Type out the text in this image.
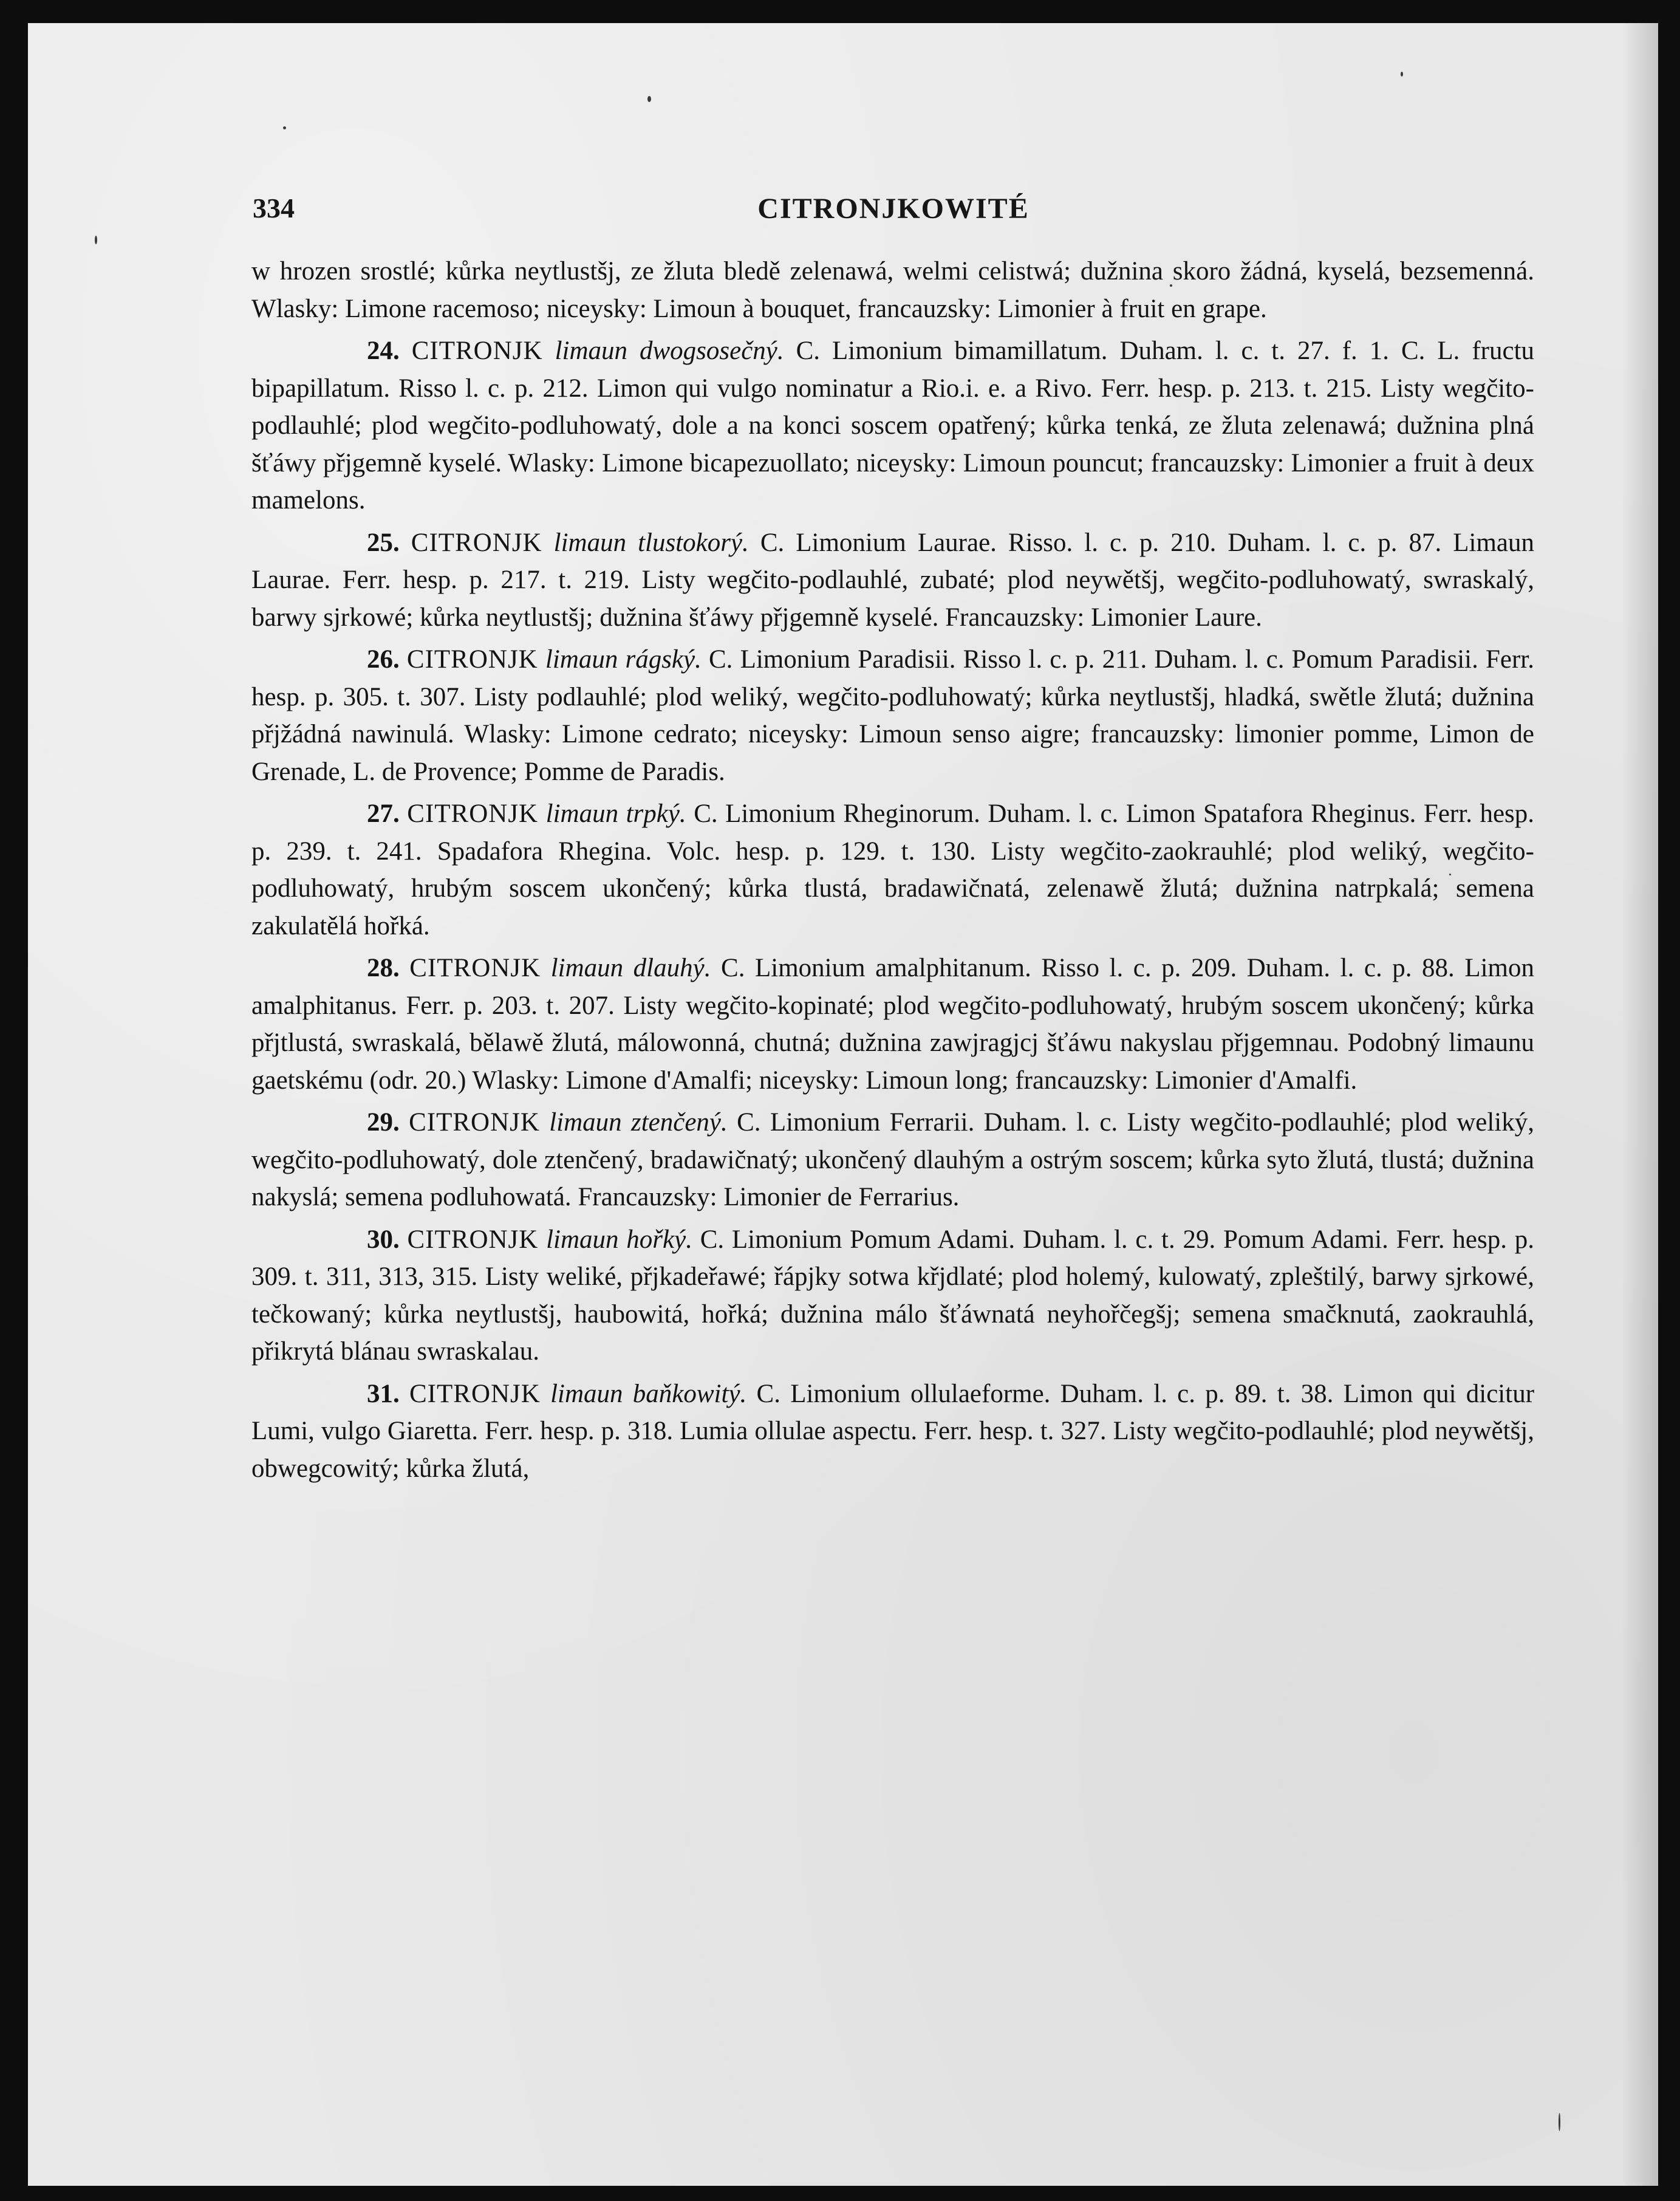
334	CITRONJKOWITÉ

w hrozen srostlé; kůrka neytlustšj, ze žluta bledě zelenawá, welmi celistwá; dužnina skoro žádná, kyselá, bezsemenná. Wlasky: Limone racemoso; niceysky: Limoun à bouquet, francauzsky: Limonier à fruit en grape.

24. CITRONJK limaun dwogsosečný. C. Limonium bimamillatum. Duham. l. c. t. 27. f. 1. C. L. fructu bipapillatum. Risso l. c. p. 212. Limon qui vulgo nominatur a Rio.i. e. a Rivo. Ferr. hesp. p. 213. t. 215. Listy wegčito-podlauhlé; plod wegčito-podluhowatý, dole a na konci soscem opatřený; kůrka tenká, ze žluta zelenawá; dužnina plná šťáwy přjgemně kyselé. Wlasky: Limone bicapezuollato; niceysky: Limoun pouncut; francauzsky: Limonier a fruit à deux mamelons.

25. CITRONJK limaun tlustokorý. C. Limonium Laurae. Risso. l. c. p. 210. Duham. l. c. p. 87. Limaun Laurae. Ferr. hesp. p. 217. t. 219. Listy wegčito-podlauhlé, zubaté; plod neywětšj, wegčito-podluhowatý, swraskalý, barwy sjrkowé; kůrka neytlustšj; dužnina šťáwy přjgemně kyselé. Francauzsky: Limonier Laure.

26. CITRONJK limaun rágský. C. Limonium Paradisii. Risso l. c. p. 211. Duham. l. c. Pomum Paradisii. Ferr. hesp. p. 305. t. 307. Listy podlauhlé; plod weliký, wegčito-podluhowatý; kůrka neytlustšj, hladká, swětle žlutá; dužnina přjžádná nawinulá. Wlasky: Limone cedrato; niceysky: Limoun senso aigre; francauzsky: limonier pomme, Limon de Grenade, L. de Provence; Pomme de Paradis.

27. CITRONJK limaun trpký. C. Limonium Rheginorum. Duham. l. c. Limon Spatafora Rheginus. Ferr. hesp. p. 239. t. 241. Spadafora Rhegina. Volc. hesp. p. 129. t. 130. Listy wegčito-zaokrauhlé; plod weliký, wegčito-podluhowatý, hrubým soscem ukončený; kůrka tlustá, bradawičnatá, zelenawě žlutá; dužnina natrpkalá; semena zakulatělá hořká.

28. CITRONJK limaun dlauhý. C. Limonium amalphitanum. Risso l. c. p. 209. Duham. l. c. p. 88. Limon amalphitanus. Ferr. p. 203. t. 207. Listy wegčito-kopinaté; plod wegčito-podluhowatý, hrubým soscem ukončený; kůrka přjtlustá, swraskalá, bělawě žlutá, málowonná, chutná; dužnina zawjragjcj šťáwu nakyslau přjgemnau. Podobný limaunu gaetskému (odr. 20.) Wlasky: Limone d'Amalfi; niceysky: Limoun long; francauzsky: Limonier d'Amalfi.

29. CITRONJK limaun ztenčený. C. Limonium Ferrarii. Duham. l. c. Listy wegčito-podlauhlé; plod weliký, wegčito-podluhowatý, dole ztenčený, bradawičnatý; ukončený dlauhým a ostrým soscem; kůrka syto žlutá, tlustá; dužnina nakyslá; semena podluhowatá. Francauzsky: Limonier de Ferrarius.

30. CITRONJK limaun hořký. C. Limonium Pomum Adami. Duham. l. c. t. 29. Pomum Adami. Ferr. hesp. p. 309. t. 311, 313, 315. Listy weliké, přjkadeřawé; řápjky sotwa křjdlaté; plod holemý, kulowatý, zpleštilý, barwy sjrkowé, tečkowaný; kůrka neytlustšj, haubowitá, hořká; dužnina málo šťáwnatá neyhořčegšj; semena smačknutá, zaokrauhlá, přikrytá blánau swraskalau.

31. CITRONJK limaun baňkowitý. C. Limonium ollulaeforme. Duham. l. c. p. 89. t. 38. Limon qui dicitur Lumi, vulgo Giaretta. Ferr. hesp. p. 318. Lumia ollulae aspectu. Ferr. hesp. t. 327. Listy wegčito-podlauhlé; plod neywětšj, obwegcowitý; kůrka žlutá,
